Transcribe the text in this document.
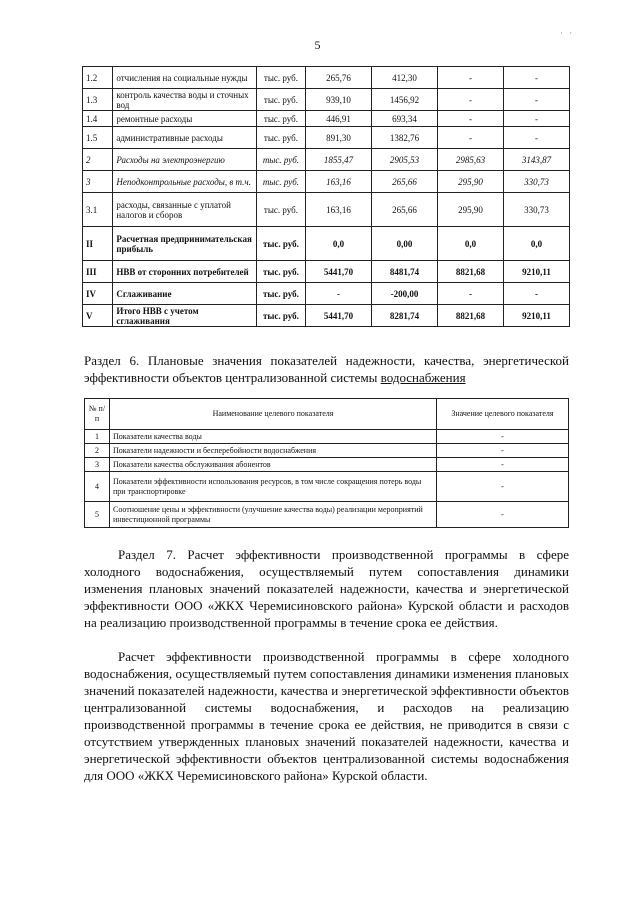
5
· ·
1.2	отчисления на социальные нужды	тыс. руб.	265,76	412,30	-	-
1.3	контроль качества воды и сточных вод	тыс. руб.	939,10	1456,92	-	-
1.4	ремонтные расходы	тыс. руб.	446,91	693,34	-	-
1.5	административные расходы	тыс. руб.	891,30	1382,76	-	-
2	Расходы на электроэнергию	тыс. руб.	1855,47	2905,53	2985,63	3143,87
3	Неподконтрольные расходы, в т.ч.	тыс. руб.	163,16	265,66	295,90	330,73
3.1	расходы, связанные с уплатой налогов и сборов	тыс. руб.	163,16	265,66	295,90	330,73
II	Расчетная предпринимательская прибыль	тыс. руб.	0,0	0,00	0,0	0,0
III	НВВ от сторонних потребителей	тыс. руб.	5441,70	8481,74	8821,68	9210,11
IV	Сглаживание	тыс. руб.	-	-200,00	-	-
V	Итого НВВ с учетом сглаживания	тыс. руб.	5441,70	8281,74	8821,68	9210,11
Раздел 6. Плановые значения показателей надежности, качества, энергетической эффективности объектов централизованной системы водоснабжения
№ п/п	Наименование целевого показателя	Значение целевого показателя
1	Показатели качества воды	-
2	Показатели надежности и бесперебойности водоснабжения	-
3	Показатели качества обслуживания абонентов	-
4	Показатели эффективности использования ресурсов, в том числе сокращения потерь воды при транспортировке	-
5	Соотношение цены и эффективности (улучшение качества воды) реализации мероприятий инвестиционной программы	-
Раздел 7. Расчет эффективности производственной программы в сфере холодного водоснабжения, осуществляемый путем сопоставления динамики изменения плановых значений показателей надежности, качества и энергетической эффективности ООО «ЖКХ Черемисиновского района» Курской области и расходов на реализацию производственной программы в течение срока ее действия.
Расчет эффективности производственной программы в сфере холодного водоснабжения, осуществляемый путем сопоставления динамики изменения плановых значений показателей надежности, качества и энергетической эффективности объектов централизованной системы водоснабжения, и расходов на реализацию производственной программы в течение срока ее действия, не приводится в связи с отсутствием утвержденных плановых значений показателей надежности, качества и энергетической эффективности объектов централизованной системы водоснабжения для ООО «ЖКХ Черемисиновского района» Курской области.
